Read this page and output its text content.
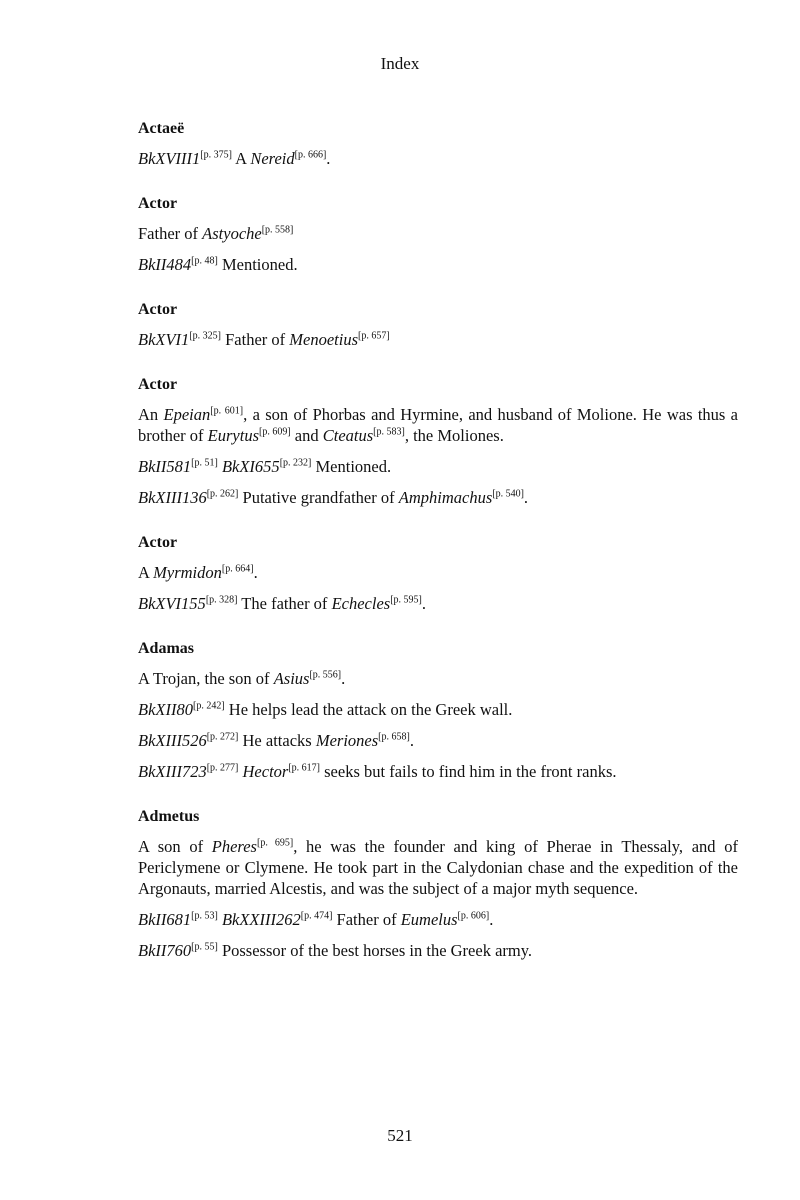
Index
Actaeë
BkXVIII1[p. 375] A Nereid[p. 666].
Actor
Father of Astyoche[p. 558]
BkII484[p. 48] Mentioned.
Actor
BkXVI1[p. 325] Father of Menoetius[p. 657]
Actor
An Epeian[p. 601], a son of Phorbas and Hyrmine, and husband of Molione. He was thus a brother of Eurytus[p. 609] and Cteatus[p. 583], the Moliones.
BkII581[p. 51] BkXI655[p. 232] Mentioned.
BkXIII136[p. 262] Putative grandfather of Amphimachus[p. 540].
Actor
A Myrmidon[p. 664].
BkXVI155[p. 328] The father of Echecles[p. 595].
Adamas
A Trojan, the son of Asius[p. 556].
BkXII80[p. 242] He helps lead the attack on the Greek wall.
BkXIII526[p. 272] He attacks Meriones[p. 658].
BkXIII723[p. 277] Hector[p. 617] seeks but fails to find him in the front ranks.
Admetus
A son of Pheres[p. 695], he was the founder and king of Pherae in Thessaly, and of Periclymene or Clymene. He took part in the Calydonian chase and the expedition of the Argonauts, married Alcestis, and was the subject of a major myth sequence.
BkII681[p. 53] BkXXIII262[p. 474] Father of Eumelus[p. 606].
BkII760[p. 55] Possessor of the best horses in the Greek army.
521
